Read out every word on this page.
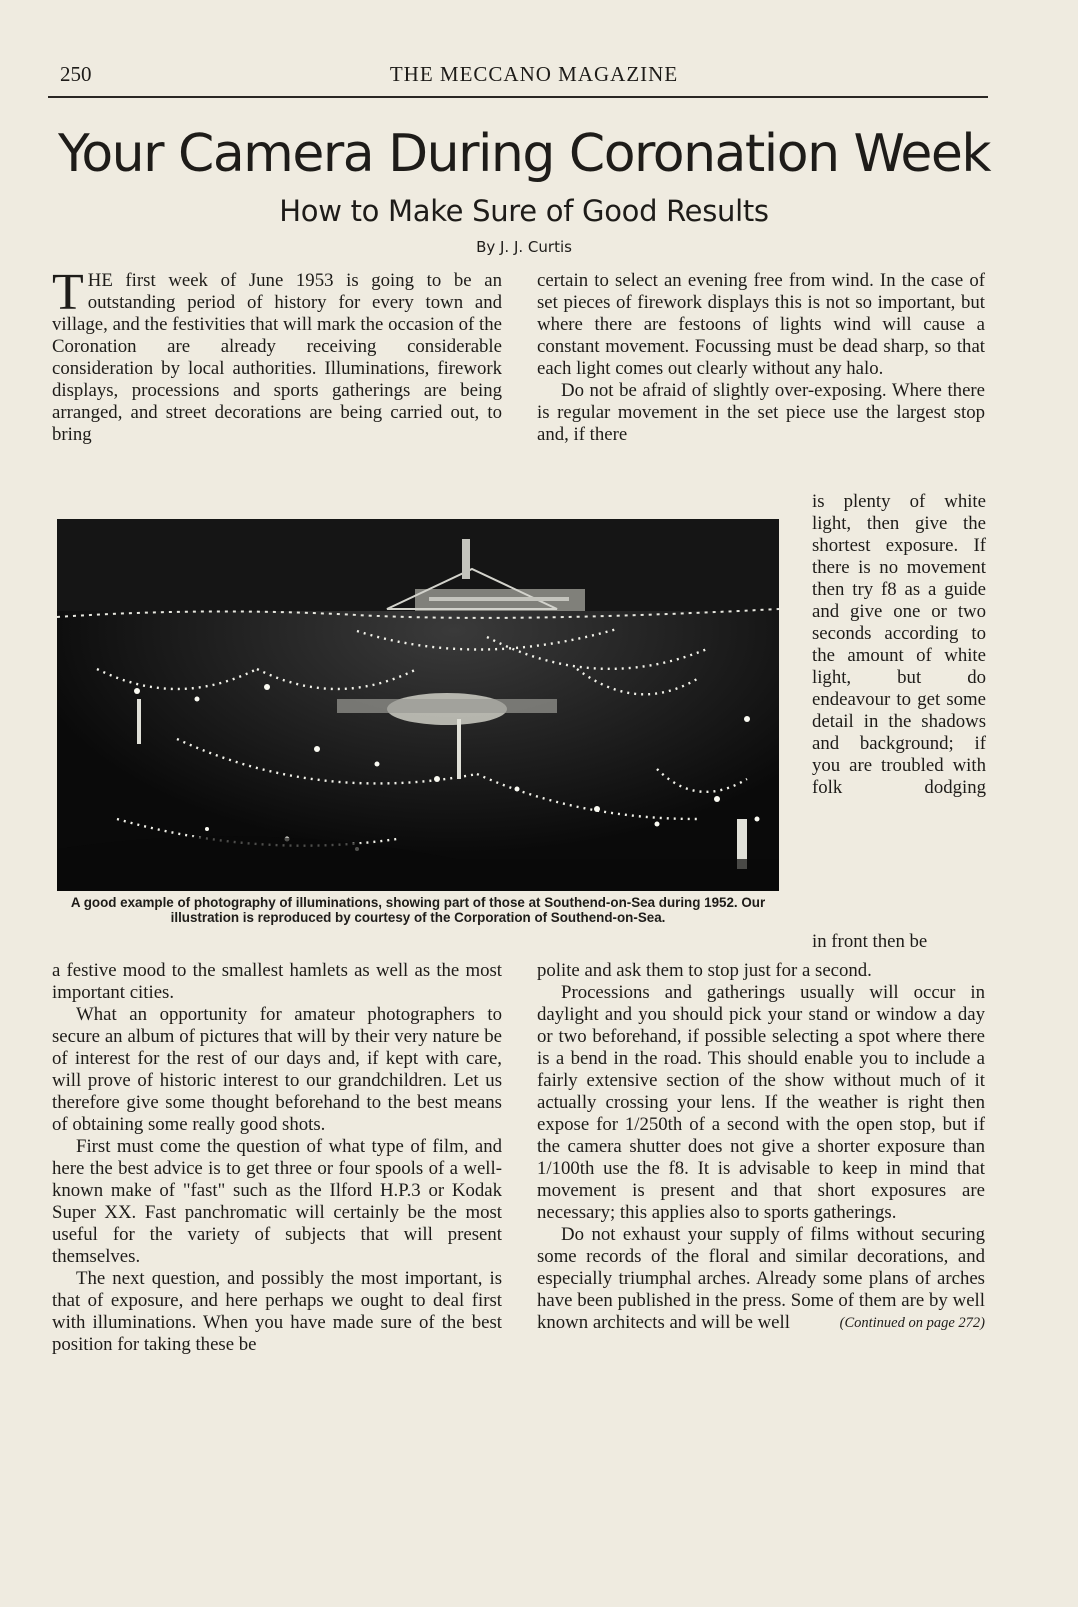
250	THE MECCANO MAGAZINE
Your Camera During Coronation Week
How to Make Sure of Good Results
By J. J. Curtis
T HE first week of June 1953 is going to be an outstanding period of history for every town and village, and the festivities that will mark the occasion of the Coronation are already receiving considerable consideration by local authorities. Illuminations, firework displays, processions and sports gatherings are being arranged, and street decorations are being carried out, to bring

certain to select an evening free from wind. In the case of set pieces of firework displays this is not so important, but where there are festoons of lights wind will cause a constant movement. Focussing must be dead sharp, so that each light comes out clearly without any halo.

Do not be afraid of slightly over-exposing. Where there is regular movement in the set piece use the largest stop and, if there

A good example of photography of illuminations, showing part of those at Southend-on-Sea during 1952. Our illustration is reproduced by courtesy of the Corporation of Southend-on-Sea.

is plenty of white light, then give the shortest exposure. If there is no movement then try f8 as a guide and give one or two seconds according to the amount of white light, but do endeavour to get some detail in the shadows and background; if you are troubled with folk dodging

in front then be

a festive mood to the smallest hamlets as well as the most important cities.

What an opportunity for amateur photographers to secure an album of pictures that will by their very nature be of interest for the rest of our days and, if kept with care, will prove of historic interest to our grandchildren. Let us therefore give some thought beforehand to the best means of obtaining some really good shots.

First must come the question of what type of film, and here the best advice is to get three or four spools of a well-known make of "fast" such as the Ilford H.P.3 or Kodak Super XX. Fast panchromatic will certainly be the most useful for the variety of subjects that will present themselves.

The next question, and possibly the most important, is that of exposure, and here perhaps we ought to deal first with illuminations. When you have made sure of the best position for taking these be

polite and ask them to stop just for a second.

Processions and gatherings usually will occur in daylight and you should pick your stand or window a day or two beforehand, if possible selecting a spot where there is a bend in the road. This should enable you to include a fairly extensive section of the show without much of it actually crossing your lens. If the weather is right then expose for 1/250th of a second with the open stop, but if the camera shutter does not give a shorter exposure than 1/100th use the f8. It is advisable to keep in mind that movement is present and that short exposures are necessary; this applies also to sports gatherings.

Do not exhaust your supply of films without securing some records of the floral and similar decorations, and especially triumphal arches. Already some plans of arches have been published in the press. Some of them are by well known architects and will be well	(Continued on page 272)
